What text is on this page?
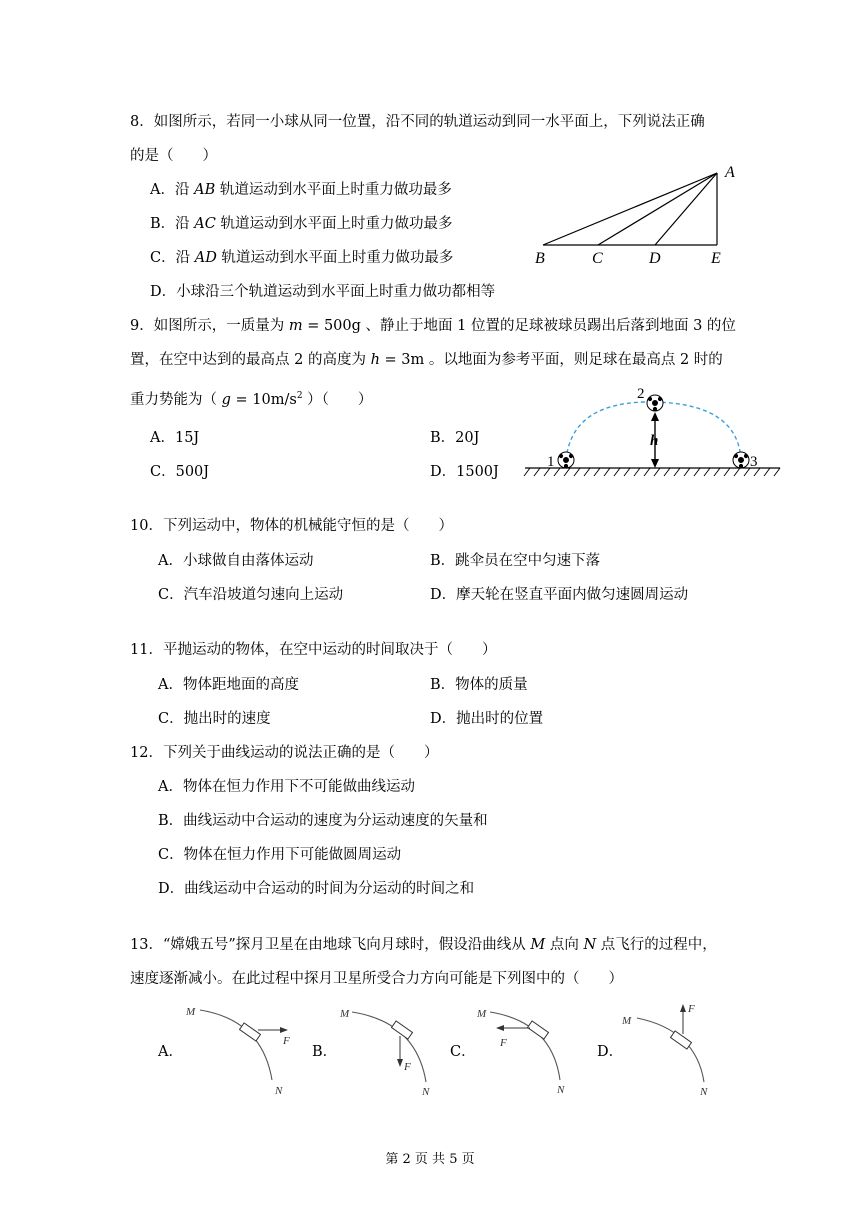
8．如图所示，若同一小球从同一位置，沿不同的轨道运动到同一水平面上，下列说法正确
的是（　　）
A．沿 AB 轨道运动到水平面上时重力做功最多
B．沿 AC 轨道运动到水平面上时重力做功最多
C．沿 AD 轨道运动到水平面上时重力做功最多
D．小球沿三个轨道运动到水平面上时重力做功都相等
A
B	C	D	E
9．如图所示，一质量为 m = 500g 、静止于地面 1 位置的足球被球员踢出后落到地面 3 的位
置，在空中达到的最高点 2 的高度为 h = 3m 。以地面为参考平面，则足球在最高点 2 时的
重力势能为（ $g = 10m/s^2$ ）（　　）
A．15J	B．20J
C．500J	D．1500J
1
2
3
h
10．下列运动中，物体的机械能守恒的是（　　）
A．小球做自由落体运动	B．跳伞员在空中匀速下落
C．汽车沿坡道匀速向上运动	D．摩天轮在竖直平面内做匀速圆周运动
11．平抛运动的物体，在空中运动的时间取决于（　　）
A．物体距地面的高度	B．物体的质量
C．抛出时的速度	D．抛出时的位置
12．下列关于曲线运动的说法正确的是（　　）
A．物体在恒力作用下不可能做曲线运动
B．曲线运动中合运动的速度为分运动速度的矢量和
C．物体在恒力作用下可能做圆周运动
D．曲线运动中合运动的时间为分运动的时间之和
13．“嫦娥五号”探月卫星在由地球飞向月球时，假设沿曲线从 M 点向 N 点飞行的过程中，
速度逐渐减小。在此过程中探月卫星所受合力方向可能是下列图中的（　　）
A．	B．	C．	D．
M
N
F
M
N
F
M
N
F
M
N
F
第 2 页 共 5 页
